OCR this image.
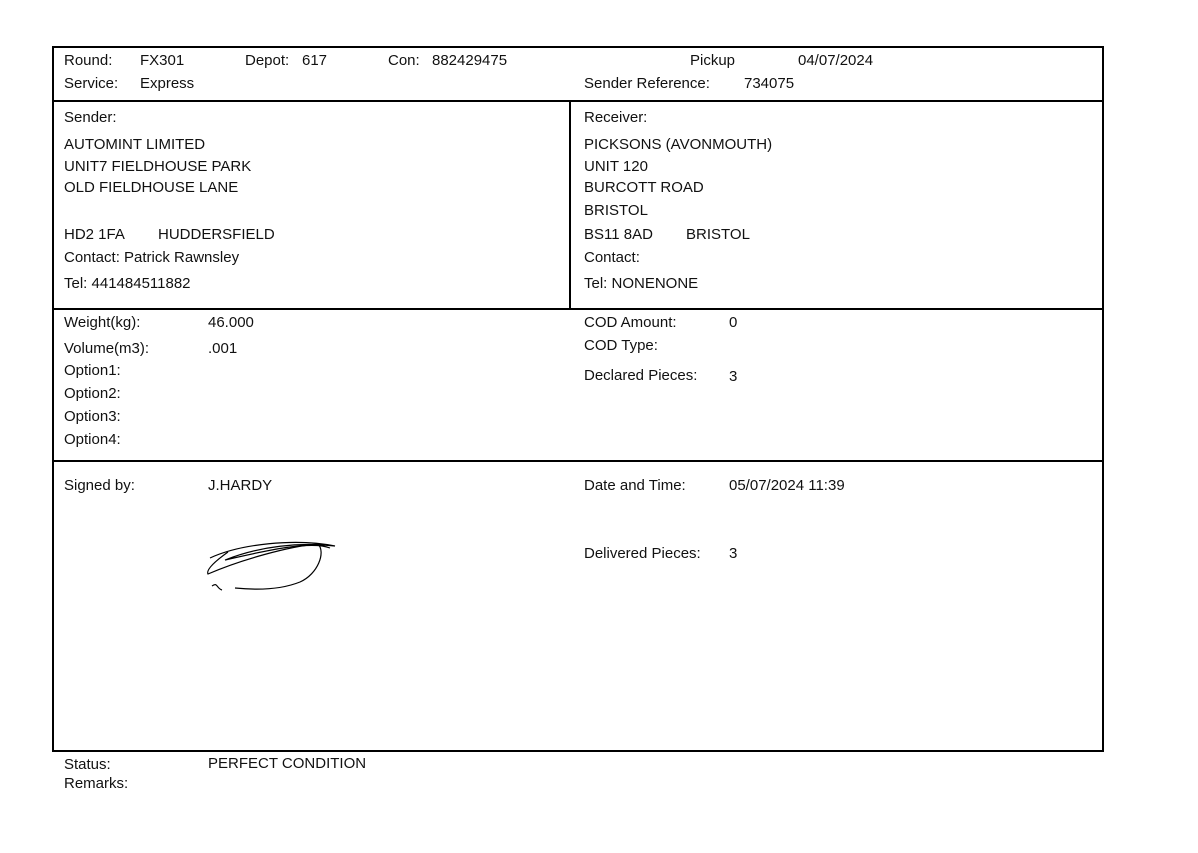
Round: FX301	Depot: 617	Con: 882429475	Pickup	04/07/2024
Service: Express	Sender Reference: 734075
Sender:
AUTOMINT LIMITED
UNIT7 FIELDHOUSE PARK
OLD FIELDHOUSE LANE
HD2 1FA HUDDERSFIELD
Contact: Patrick Rawnsley
Tel: 441484511882
Receiver:
PICKSONS (AVONMOUTH)
UNIT 120
BURCOTT ROAD
BRISTOL
BS11 8AD BRISTOL
Contact:
Tel: NONENONE
Weight(kg):	46.000
Volume(m3):	.001
Option1:
Option2:
Option3:
Option4:
COD Amount:	0
COD Type:
Declared Pieces: 3
Signed by:	J.HARDY	Date and Time:	05/07/2024 11:39
Delivered Pieces: 3
Status:	PERFECT CONDITION
Remarks:
